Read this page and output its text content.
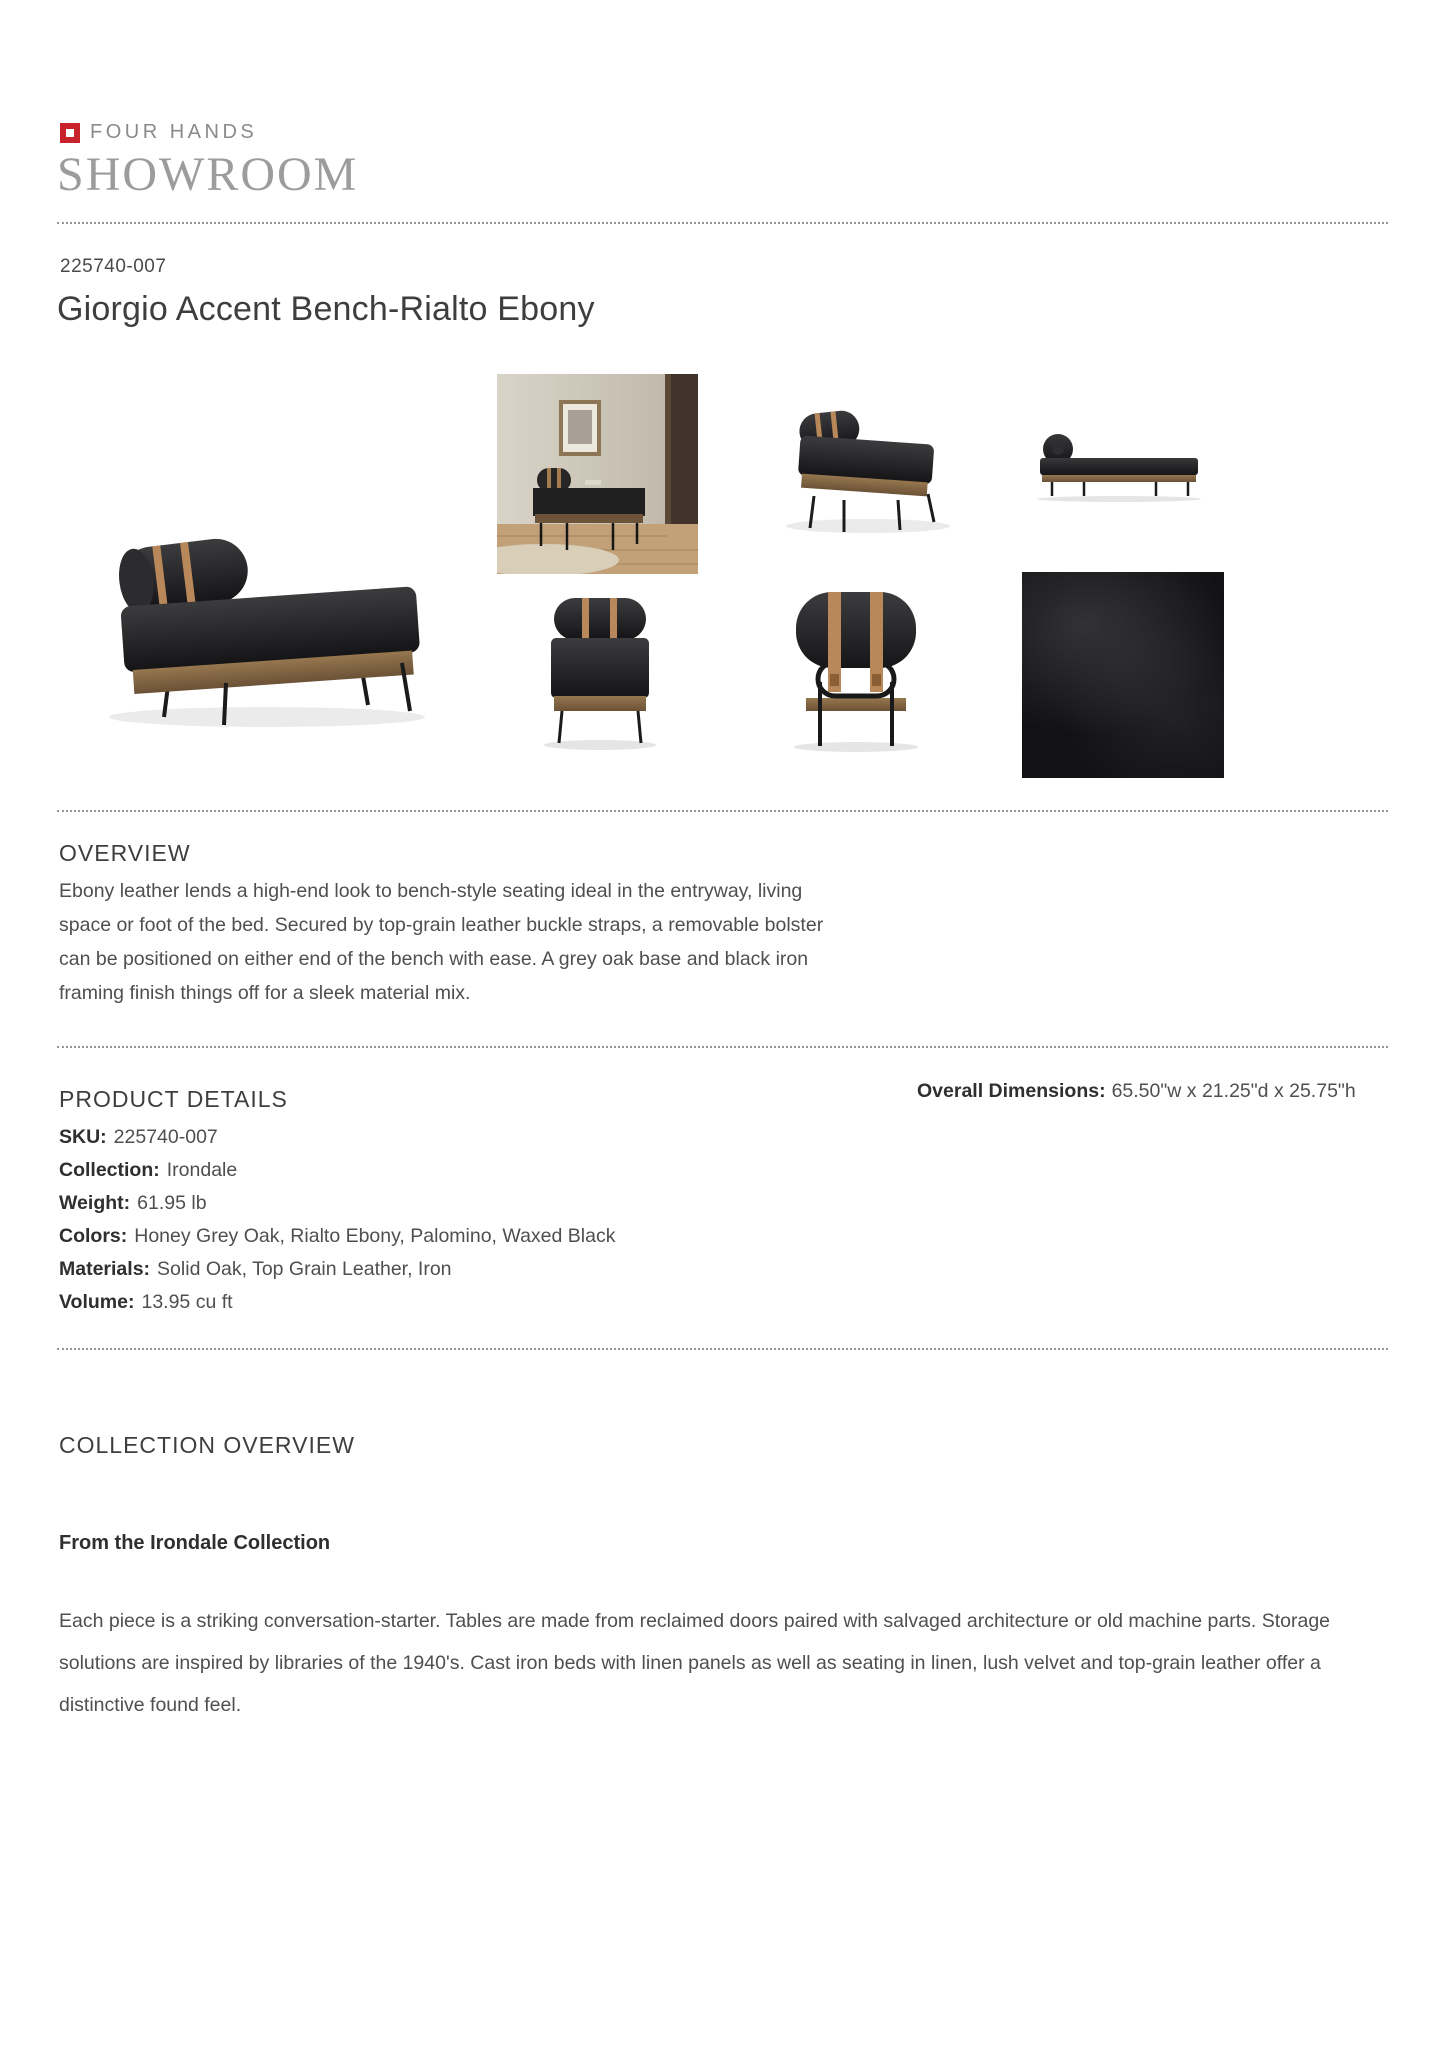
FOUR HANDS
SHOWROOM
225740-007
Giorgio Accent Bench-Rialto Ebony
OVERVIEW
Ebony leather lends a high-end look to bench-style seating ideal in the entryway, living space or foot of the bed. Secured by top-grain leather buckle straps, a removable bolster can be positioned on either end of the bench with ease. A grey oak base and black iron framing finish things off for a sleek material mix.
PRODUCT DETAILS	Overall Dimensions: 65.50"w x 21.25"d x 25.75"h
SKU: 225740-007
Collection: Irondale
Weight: 61.95 lb
Colors: Honey Grey Oak, Rialto Ebony, Palomino, Waxed Black
Materials: Solid Oak, Top Grain Leather, Iron
Volume: 13.95 cu ft
COLLECTION OVERVIEW
From the Irondale Collection
Each piece is a striking conversation-starter. Tables are made from reclaimed doors paired with salvaged architecture or old machine parts. Storage solutions are inspired by libraries of the 1940's. Cast iron beds with linen panels as well as seating in linen, lush velvet and top-grain leather offer a distinctive found feel.
